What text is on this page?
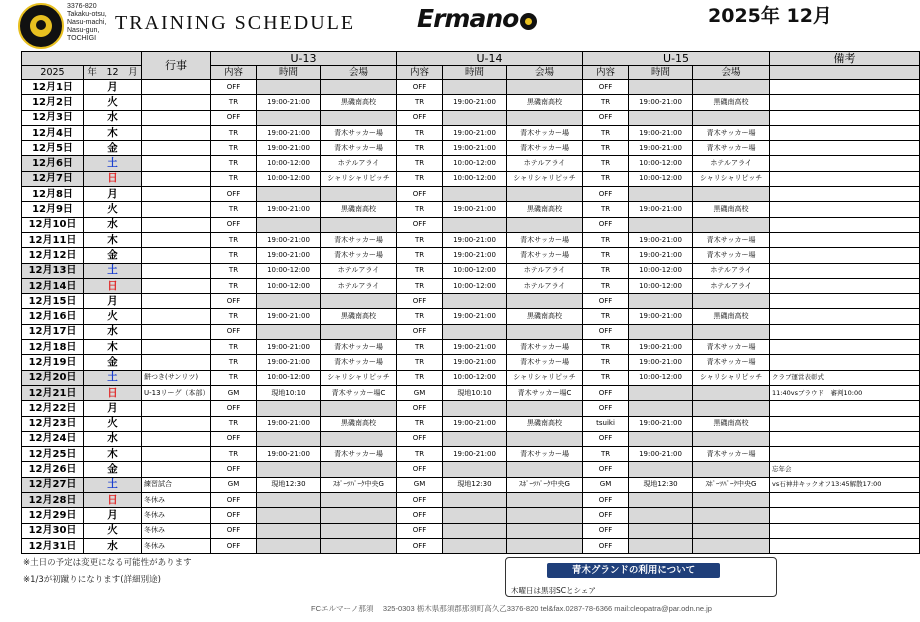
3376-820
Takaku-otsu,
Nasu-machi,
Nasu-gun,
TOCHIGI
TRAINING SCHEDULE Ermano	2025年 12月
		行事	U-13			U-14			U-15			備考
2025	年　 12　 月		内容	時間	会場	内容	時間	会場	内容	時間	会場	
12月1日	月		OFF			OFF			OFF			
12月2日	火		TR	19:00-21:00	黒磯南高校	TR	19:00-21:00	黒磯南高校	TR	19:00-21:00	黒磯南高校	
12月3日	水		OFF			OFF			OFF			
12月4日	木		TR	19:00-21:00	青木サッカー場	TR	19:00-21:00	青木サッカー場	TR	19:00-21:00	青木サッカー場	
12月5日	金		TR	19:00-21:00	青木サッカー場	TR	19:00-21:00	青木サッカー場	TR	19:00-21:00	青木サッカー場	
12月6日	土		TR	10:00-12:00	ホテルアライ	TR	10:00-12:00	ホテルアライ	TR	10:00-12:00	ホテルアライ	
12月7日	日		TR	10:00-12:00	シャリシャリピッチ	TR	10:00-12:00	シャリシャリピッチ	TR	10:00-12:00	シャリシャリピッチ	
12月8日	月		OFF			OFF			OFF			
12月9日	火		TR	19:00-21:00	黒磯南高校	TR	19:00-21:00	黒磯南高校	TR	19:00-21:00	黒磯南高校	
12月10日	水		OFF			OFF			OFF			
12月11日	木		TR	19:00-21:00	青木サッカー場	TR	19:00-21:00	青木サッカー場	TR	19:00-21:00	青木サッカー場	
12月12日	金		TR	19:00-21:00	青木サッカー場	TR	19:00-21:00	青木サッカー場	TR	19:00-21:00	青木サッカー場	
12月13日	土		TR	10:00-12:00	ホテルアライ	TR	10:00-12:00	ホテルアライ	TR	10:00-12:00	ホテルアライ	
12月14日	日		TR	10:00-12:00	ホテルアライ	TR	10:00-12:00	ホテルアライ	TR	10:00-12:00	ホテルアライ	
12月15日	月		OFF			OFF			OFF			
12月16日	火		TR	19:00-21:00	黒磯南高校	TR	19:00-21:00	黒磯南高校	TR	19:00-21:00	黒磯南高校	
12月17日	水		OFF			OFF			OFF			
12月18日	木		TR	19:00-21:00	青木サッカー場	TR	19:00-21:00	青木サッカー場	TR	19:00-21:00	青木サッカー場	
12月19日	金		TR	19:00-21:00	青木サッカー場	TR	19:00-21:00	青木サッカー場	TR	19:00-21:00	青木サッカー場	
12月20日	土	餅つき(サンリツ)	TR	10:00-12:00	シャリシャリピッチ	TR	10:00-12:00	シャリシャリピッチ	TR	10:00-12:00	シャリシャリピッチ	クラブ運営表彰式
12月21日	日	U-13リーグ（本部）	GM	現地10:10	青木サッカー場C	GM	現地10:10	青木サッカー場C	OFF			11:40vsブラウド　審判10:00
12月22日	月		OFF			OFF			OFF			
12月23日	火		TR	19:00-21:00	黒磯南高校	TR	19:00-21:00	黒磯南高校	tsuiki	19:00-21:00	黒磯南高校	
12月24日	水		OFF			OFF			OFF			
12月25日	木		TR	19:00-21:00	青木サッカー場	TR	19:00-21:00	青木サッカー場	TR	19:00-21:00	青木サッカー場	
12月26日	金		OFF			OFF			OFF			忘年会
12月27日	土	練習試合	GM	現地12:30	ｽﾎﾟｰﾂﾊﾟｰｸ中央G	GM	現地12:30	ｽﾎﾟｰﾂﾊﾟｰｸ中央G	GM	現地12:30	ｽﾎﾟｰﾂﾊﾟｰｸ中央G	vs石神井キックオフ13:45解散17:00
12月28日	日	冬休み	OFF			OFF			OFF			
12月29日	月	冬休み	OFF			OFF			OFF			
12月30日	火	冬休み	OFF			OFF			OFF			
12月31日	水	冬休み	OFF			OFF			OFF			
※土日の予定は変更になる可能性があります
※1/3が初蹴りになります(詳細別途)
青木グランドの利用について
木曜日は黒羽SCとシェア
FCエルマーノ那須　 325-0303 栃木県那須郡那須町高久乙3376-820 tel&fax.0287-78-6366 mail:cleopatra@par.odn.ne.jp
